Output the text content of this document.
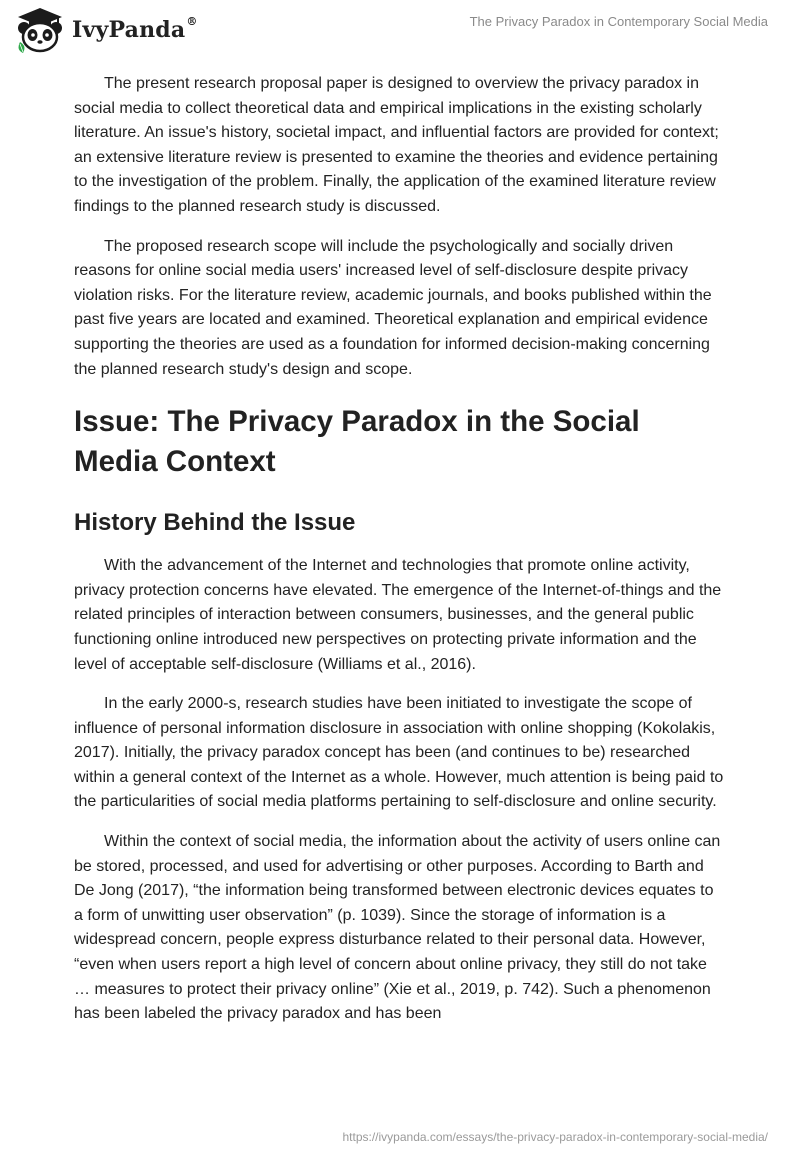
IvyPanda®	The Privacy Paradox in Contemporary Social Media

The present research proposal paper is designed to overview the privacy paradox in social media to collect theoretical data and empirical implications in the existing scholarly literature. An issue's history, societal impact, and influential factors are provided for context; an extensive literature review is presented to examine the theories and evidence pertaining to the investigation of the problem. Finally, the application of the examined literature review findings to the planned research study is discussed.

The proposed research scope will include the psychologically and socially driven reasons for online social media users' increased level of self-disclosure despite privacy violation risks. For the literature review, academic journals, and books published within the past five years are located and examined. Theoretical explanation and empirical evidence supporting the theories are used as a foundation for informed decision-making concerning the planned research study's design and scope.

Issue: The Privacy Paradox in the Social Media Context
History Behind the Issue

With the advancement of the Internet and technologies that promote online activity, privacy protection concerns have elevated. The emergence of the Internet-of-things and the related principles of interaction between consumers, businesses, and the general public functioning online introduced new perspectives on protecting private information and the level of acceptable self-disclosure (Williams et al., 2016).

In the early 2000-s, research studies have been initiated to investigate the scope of influence of personal information disclosure in association with online shopping (Kokolakis, 2017). Initially, the privacy paradox concept has been (and continues to be) researched within a general context of the Internet as a whole. However, much attention is being paid to the particularities of social media platforms pertaining to self-disclosure and online security.

Within the context of social media, the information about the activity of users online can be stored, processed, and used for advertising or other purposes. According to Barth and De Jong (2017), “the information being transformed between electronic devices equates to a form of unwitting user observation” (p. 1039). Since the storage of information is a widespread concern, people express disturbance related to their personal data. However, “even when users report a high level of concern about online privacy, they still do not take … measures to protect their privacy online” (Xie et al., 2019, p. 742). Such a phenomenon has been labeled the privacy paradox and has been

https://ivypanda.com/essays/the-privacy-paradox-in-contemporary-social-media/
